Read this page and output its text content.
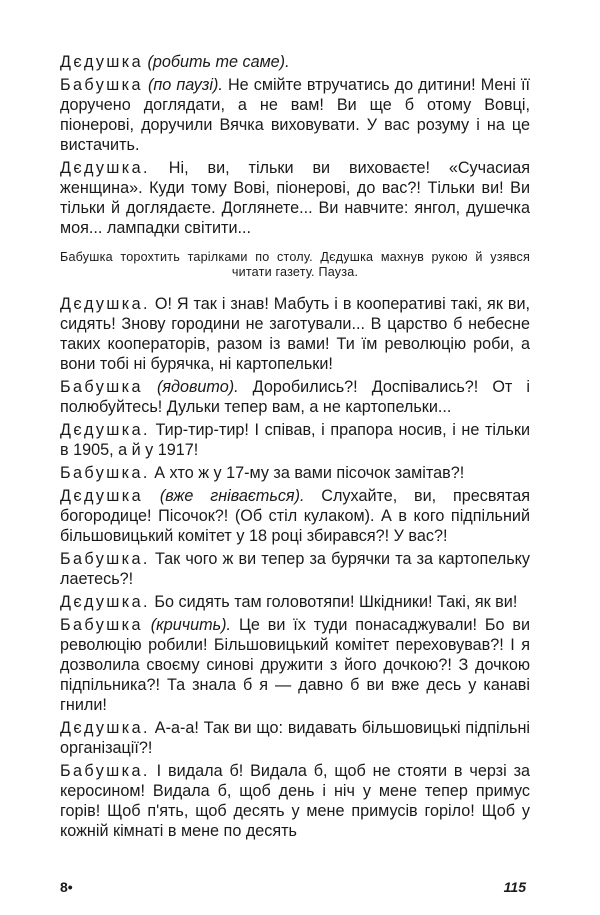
Дєдушка (робить те саме).

Бабушка (по паузі). Не смійте втручатись до дитини! Мені її доручено доглядати, а не вам! Ви ще б отому Вовці, піонерові, доручили Вячка виховувати. У вас розуму і на це вистачить.

Дєдушка. Ні, ви, тільки ви виховаєте! «Сучасиая женщина». Куди тому Вові, піонерові, до вас?! Тільки ви! Ви тільки й доглядаєте. Доглянете... Ви навчите: янгол, душечка моя... лампадки світити...

Бабушка торохтить тарілками по столу. Дєдушка махнув рукою й узявся читати газету. Пауза.

Дєдушка. О! Я так і знав! Мабуть і в кооперативі такі, як ви, сидять! Знову городини не заготували... В царство б небесне таких кооператорів, разом із вами! Ти їм революцію роби, а вони тобі ні бурячка, ні картопельки!

Бабушка (ядовито). Доробились?! Доспівались?! От і полюбуйтесь! Дульки тепер вам, а не картопельки...

Дєдушка. Тир-тир-тир! І співав, і прапора носив, і не тільки в 1905, а й у 1917!

Бабушка. А хто ж у 17-му за вами пісочок замітав?!

Дєдушка (вже гнівається). Слухайте, ви, пресвятая богородице! Пісочок?! (Об стіл кулаком). А в кого підпільний більшовицький комітет у 18 році збирався?! У вас?!

Бабушка. Так чого ж ви тепер за бурячки та за картопельку лаетесь?!

Дєдушка. Бо сидять там головотяпи! Шкідники! Такі, як ви!

Бабушка (кричить). Це ви їх туди понасаджували! Бо ви революцію робили! Більшовицький комітет переховував?! І я дозволила своєму синові дружити з його дочкою?! З дочкою підпільника?! Та знала б я — давно б ви вже десь у канаві гнили!

Дєдушка. А-а-а! Так ви що: видавать більшовицькі підпільні організації?!

Бабушка. І видала б! Видала б, щоб не стояти в черзі за керосином! Видала б, щоб день і ніч у мене тепер примус горів! Щоб п'ять, щоб десять у мене примусів горіло! Щоб у кожній кімнаті в мене по десять

8•	115
